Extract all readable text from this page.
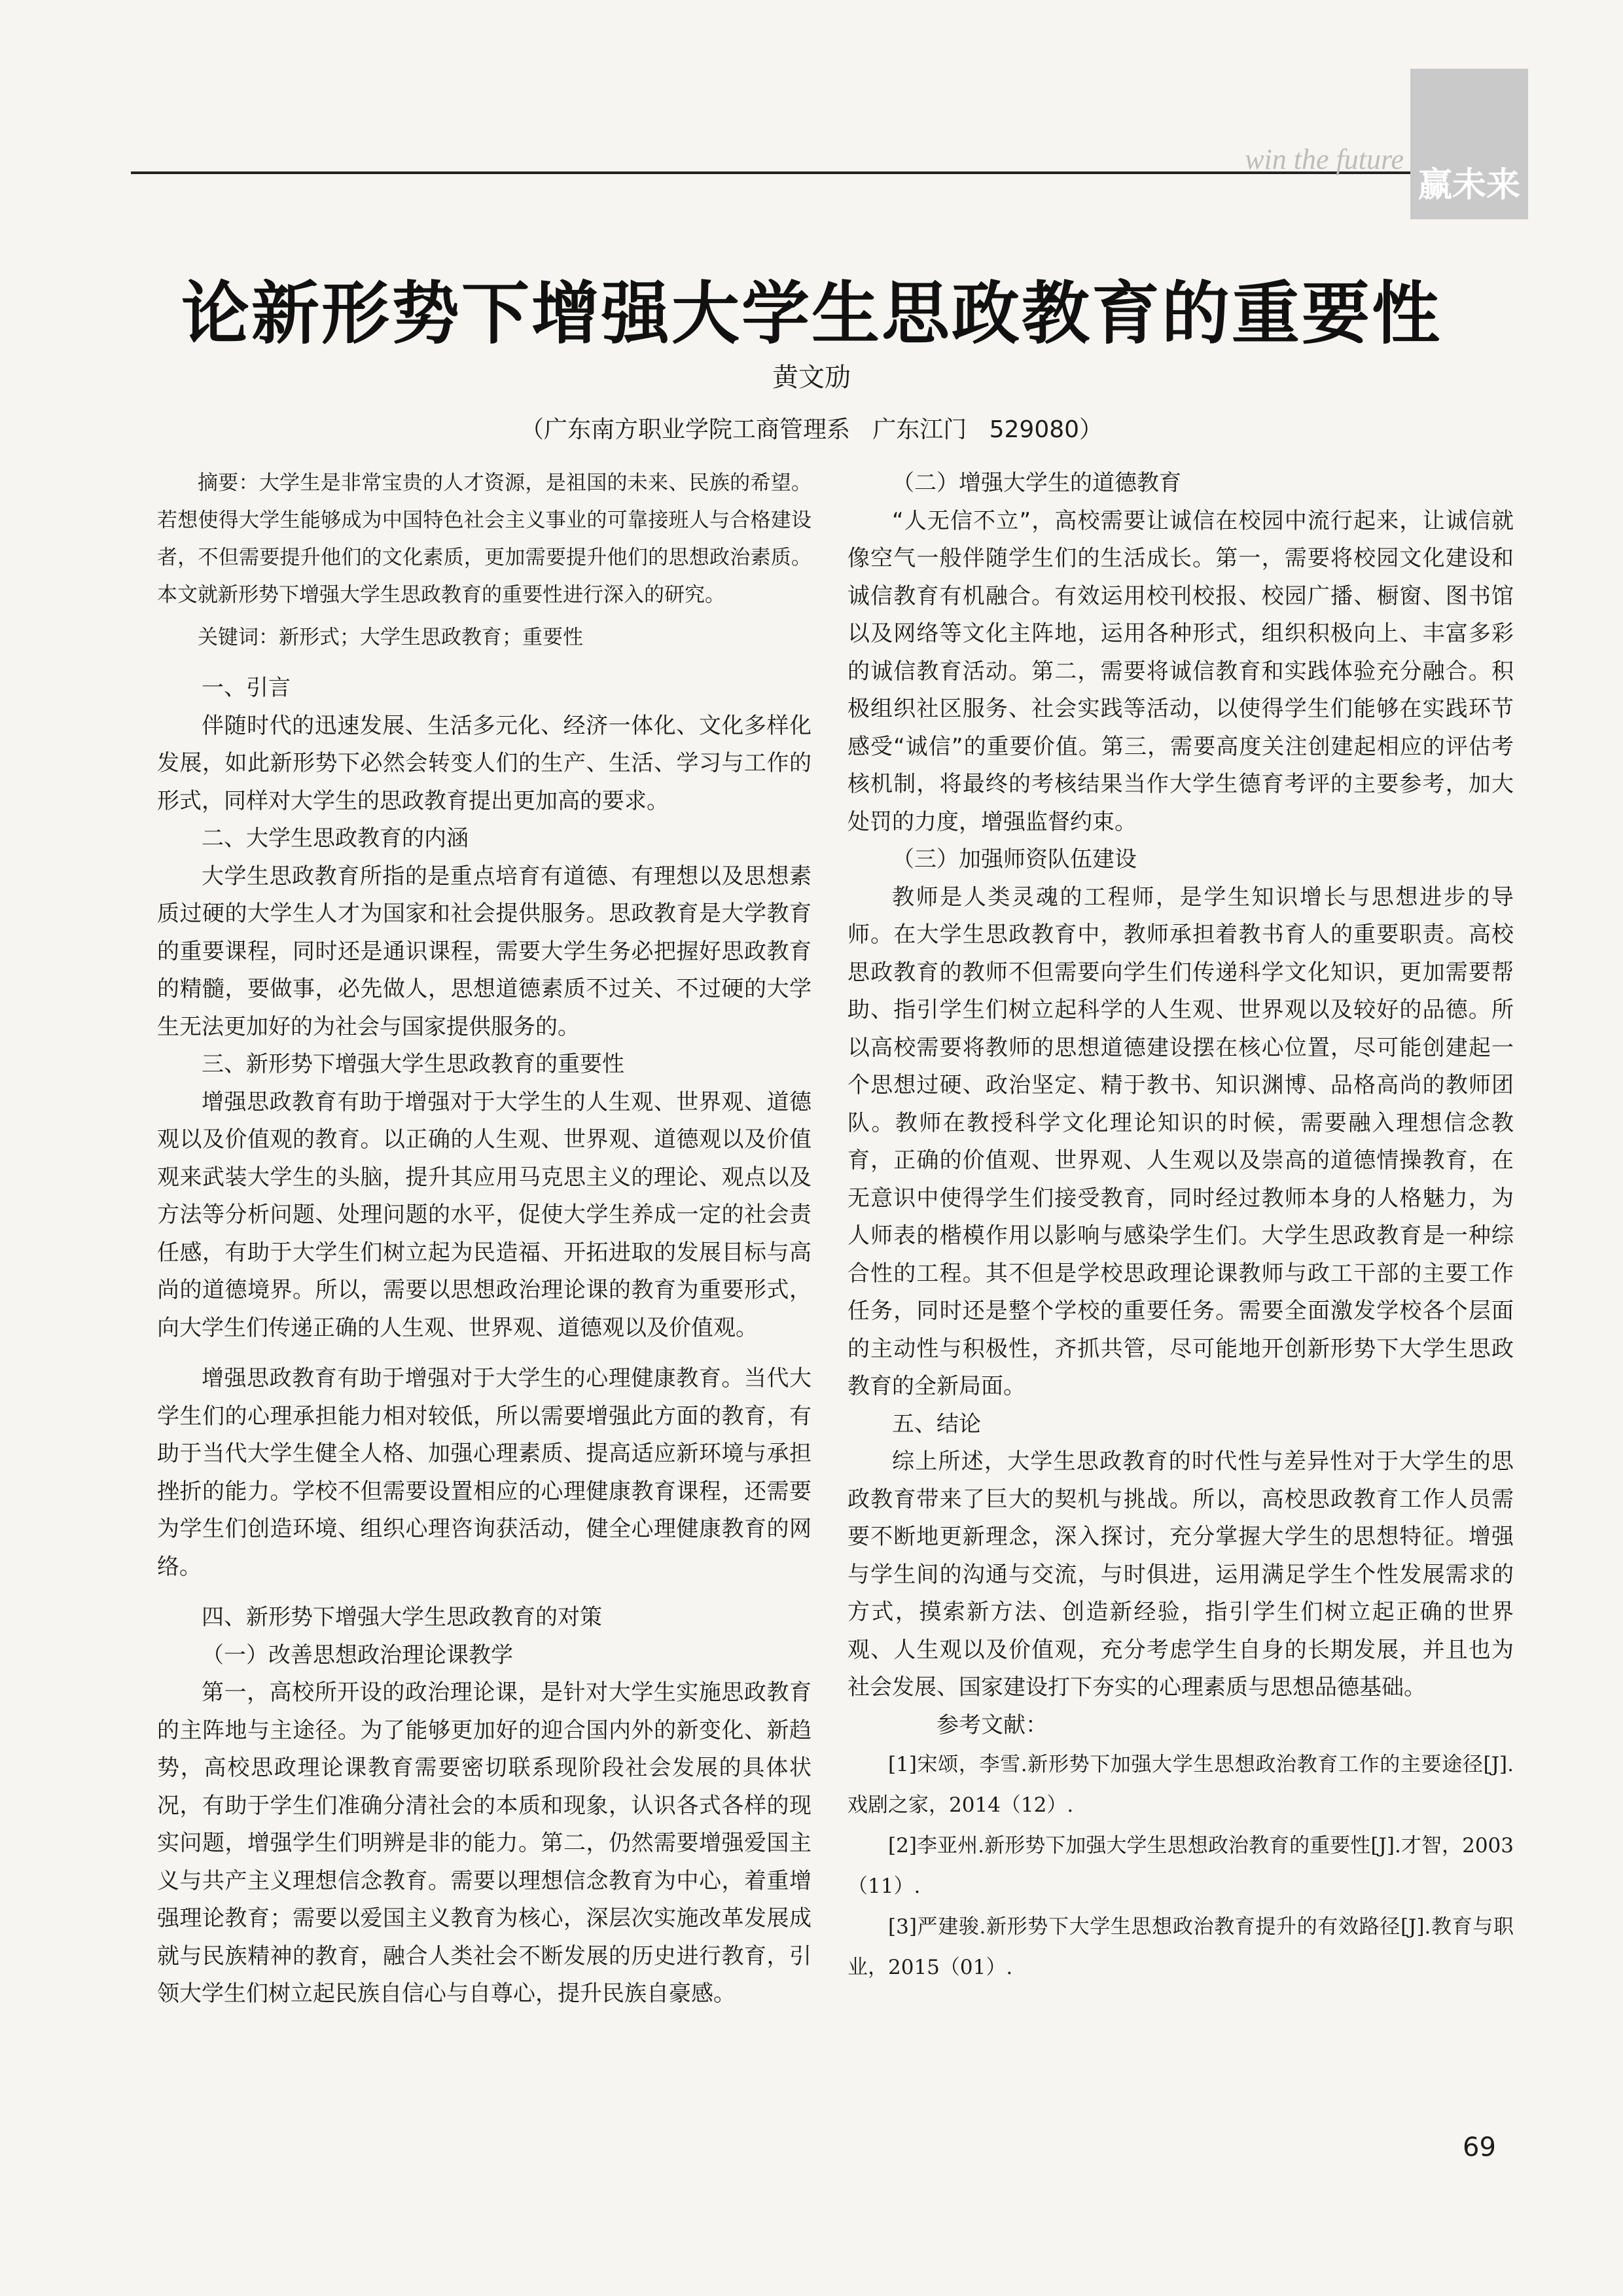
win the future
赢未来
论新形势下增强大学生思政教育的重要性
黄文劢
（广东南方职业学院工商管理系   广东江门   529080）

摘要：大学生是非常宝贵的人才资源，是祖国的未来、民族的希望。若想使得大学生能够成为中国特色社会主义事业的可靠接班人与合格建设者，不但需要提升他们的文化素质，更加需要提升他们的思想政治素质。本文就新形势下增强大学生思政教育的重要性进行深入的研究。

关键词：新形式；大学生思政教育；重要性

一、引言

伴随时代的迅速发展、生活多元化、经济一体化、文化多样化发展，如此新形势下必然会转变人们的生产、生活、学习与工作的形式，同样对大学生的思政教育提出更加高的要求。

二、大学生思政教育的内涵

大学生思政教育所指的是重点培育有道德、有理想以及思想素质过硬的大学生人才为国家和社会提供服务。思政教育是大学教育的重要课程，同时还是通识课程，需要大学生务必把握好思政教育的精髓，要做事，必先做人，思想道德素质不过关、不过硬的大学生无法更加好的为社会与国家提供服务的。

三、新形势下增强大学生思政教育的重要性

增强思政教育有助于增强对于大学生的人生观、世界观、道德观以及价值观的教育。以正确的人生观、世界观、道德观以及价值观来武装大学生的头脑，提升其应用马克思主义的理论、观点以及方法等分析问题、处理问题的水平，促使大学生养成一定的社会责任感，有助于大学生们树立起为民造福、开拓进取的发展目标与高尚的道德境界。所以，需要以思想政治理论课的教育为重要形式，向大学生们传递正确的人生观、世界观、道德观以及价值观。

增强思政教育有助于增强对于大学生的心理健康教育。当代大学生们的心理承担能力相对较低，所以需要增强此方面的教育，有助于当代大学生健全人格、加强心理素质、提高适应新环境与承担挫折的能力。学校不但需要设置相应的心理健康教育课程，还需要为学生们创造环境、组织心理咨询获活动，健全心理健康教育的网络。

四、新形势下增强大学生思政教育的对策
（一）改善思想政治理论课教学

第一，高校所开设的政治理论课，是针对大学生实施思政教育的主阵地与主途径。为了能够更加好的迎合国内外的新变化、新趋势，高校思政理论课教育需要密切联系现阶段社会发展的具体状况，有助于学生们准确分清社会的本质和现象，认识各式各样的现实问题，增强学生们明辨是非的能力。第二，仍然需要增强爱国主义与共产主义理想信念教育。需要以理想信念教育为中心，着重增强理论教育；需要以爱国主义教育为核心，深层次实施改革发展成就与民族精神的教育，融合人类社会不断发展的历史进行教育，引领大学生们树立起民族自信心与自尊心，提升民族自豪感。

（二）增强大学生的道德教育

“人无信不立”，高校需要让诚信在校园中流行起来，让诚信就像空气一般伴随学生们的生活成长。第一，需要将校园文化建设和诚信教育有机融合。有效运用校刊校报、校园广播、橱窗、图书馆以及网络等文化主阵地，运用各种形式，组织积极向上、丰富多彩的诚信教育活动。第二，需要将诚信教育和实践体验充分融合。积极组织社区服务、社会实践等活动，以使得学生们能够在实践环节感受“诚信”的重要价值。第三，需要高度关注创建起相应的评估考核机制，将最终的考核结果当作大学生德育考评的主要参考，加大处罚的力度，增强监督约束。

（三）加强师资队伍建设

教师是人类灵魂的工程师，是学生知识增长与思想进步的导师。在大学生思政教育中，教师承担着教书育人的重要职责。高校思政教育的教师不但需要向学生们传递科学文化知识，更加需要帮助、指引学生们树立起科学的人生观、世界观以及较好的品德。所以高校需要将教师的思想道德建设摆在核心位置，尽可能创建起一个思想过硬、政治坚定、精于教书、知识渊博、品格高尚的教师团队。教师在教授科学文化理论知识的时候，需要融入理想信念教育，正确的价值观、世界观、人生观以及崇高的道德情操教育，在无意识中使得学生们接受教育，同时经过教师本身的人格魅力，为人师表的楷模作用以影响与感染学生们。大学生思政教育是一种综合性的工程。其不但是学校思政理论课教师与政工干部的主要工作任务，同时还是整个学校的重要任务。需要全面激发学校各个层面的主动性与积极性，齐抓共管，尽可能地开创新形势下大学生思政教育的全新局面。

五、结论

综上所述，大学生思政教育的时代性与差异性对于大学生的思政教育带来了巨大的契机与挑战。所以，高校思政教育工作人员需要不断地更新理念，深入探讨，充分掌握大学生的思想特征。增强与学生间的沟通与交流，与时俱进，运用满足学生个性发展需求的方式，摸索新方法、创造新经验，指引学生们树立起正确的世界观、人生观以及价值观，充分考虑学生自身的长期发展，并且也为社会发展、国家建设打下夯实的心理素质与思想品德基础。

参考文献：

[1]宋颂，李雪.新形势下加强大学生思想政治教育工作的主要途径[J].戏剧之家，2014（12）.

[2]李亚州.新形势下加强大学生思想政治教育的重要性[J].才智，2003（11）.

[3]严建骏.新形势下大学生思想政治教育提升的有效路径[J].教育与职业，2015（01）.

69
